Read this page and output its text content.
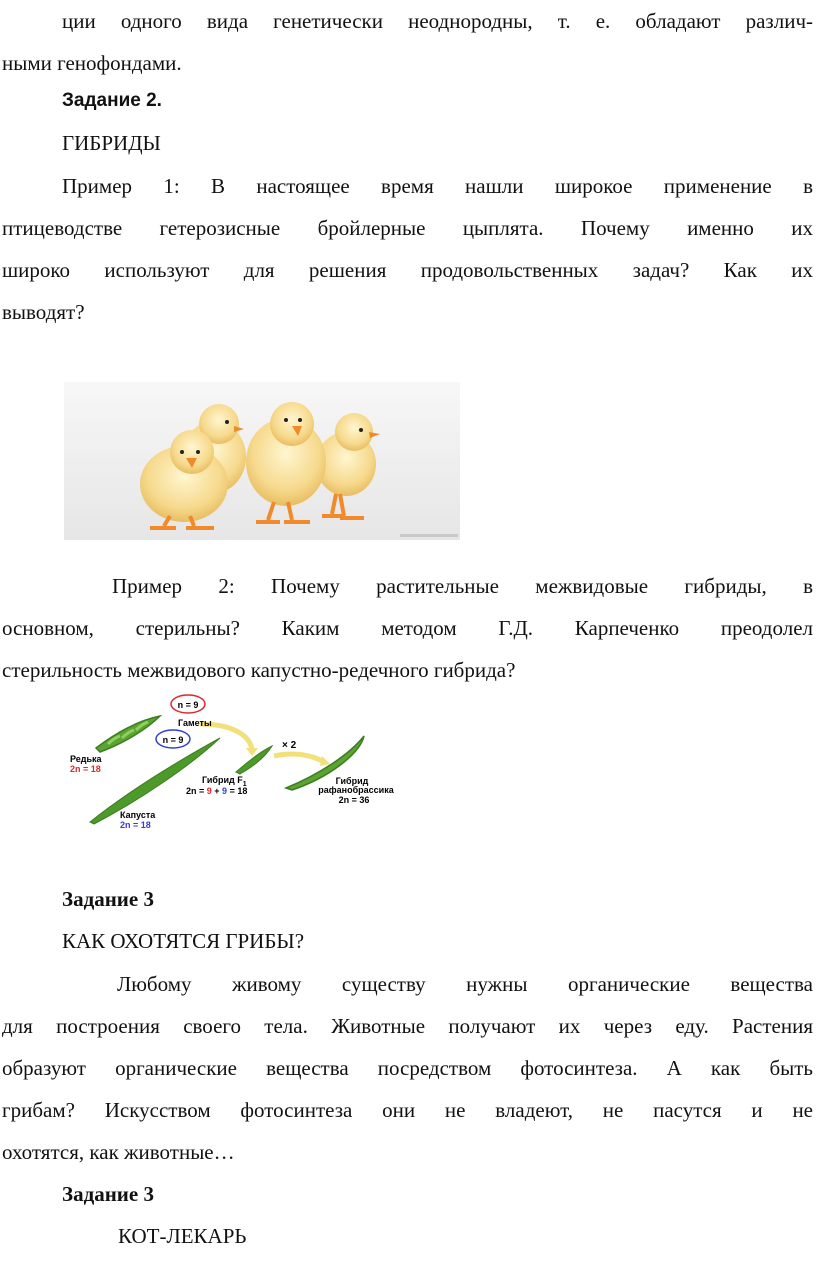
ции одного вида генетически неоднородны, т. е. обладают различ-
ными генофондами.
Задание 2.
ГИБРИДЫ
Пример 1: В настоящее время нашли широкое применение в
птицеводстве гетерозисные бройлерные цыплята. Почему именно их
широко используют для решения продовольственных задач? Как их
выводят?
Пример 2: Почему растительные межвидовые гибриды, в
основном, стерильны? Каким методом Г.Д. Карпеченко преодолел
стерильность межвидового капустно-редечного гибрида?
n = 9
Гаметы
n = 9	× 2
Редька
2n = 18
Гибрид $F_1$
2n = 9 + 9 = 18
Гибрид
рафанобрассика
2n = 36
Капуста
2n = 18
Задание 3
КАК ОХОТЯТСЯ ГРИБЫ?
Любому живому существу нужны органические вещества
для построения своего тела. Животные получают их через еду. Растения
образуют органические вещества посредством фотосинтеза. А как быть
грибам? Искусством фотосинтеза они не владеют, не пасутся и не
охотятся, как животные…
Задание 3
КОТ-ЛЕКАРЬ
